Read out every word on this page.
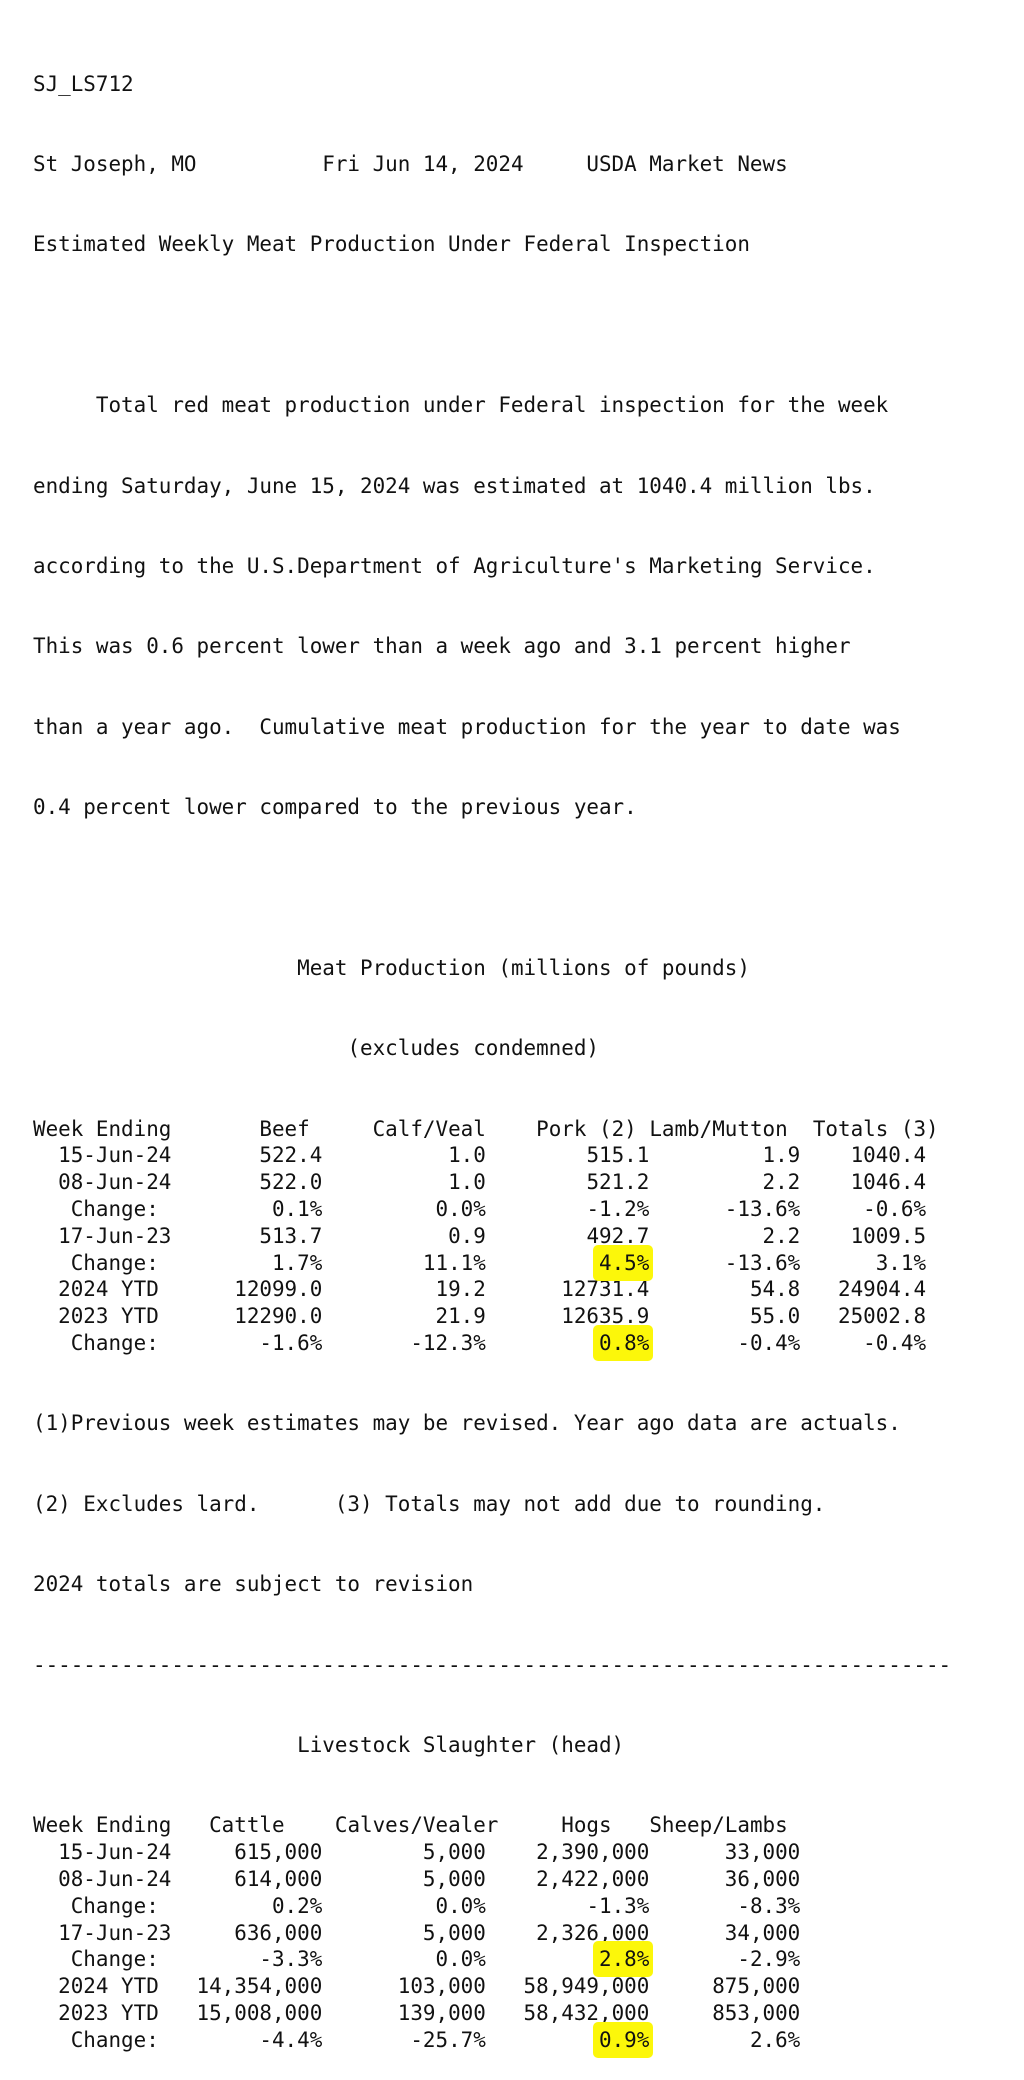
SJ_LS712

St Joseph, MO          Fri Jun 14, 2024     USDA Market News

Estimated Weekly Meat Production Under Federal Inspection

Total red meat production under Federal inspection for the week

ending Saturday, June 15, 2024 was estimated at 1040.4 million lbs.

according to the U.S.Department of Agriculture's Marketing Service.

This was 0.6 percent lower than a week ago and 3.1 percent higher

than a year ago.  Cumulative meat production for the year to date was

0.4 percent lower compared to the previous year.

Meat Production (millions of pounds)

(excludes condemned)

Week Ending	Beef	Calf/Veal Pork (2) Lamb/Mutton Totals (3)
15-Jun-24	522.4	1.0	515.1	1.9 1040.4
08-Jun-24	522.0	1.0	521.2	2.2 1046.4
Change:	0.1%	0.0%	-1.2%	-13.6%	-0.6%
17-Jun-23	513.7	0.9	492.7	2.2 1009.5
Change:	1.7%	11.1%	4.5%	-13.6%	3.1%
2024 YTD	12099.0	19.2	12731.4	54.8 24904.4
2023 YTD	12290.0	21.9	12635.9	55.0 25002.8
Change:	-1.6%	-12.3%	0.8%	-0.4%	-0.4%

(1)Previous week estimates may be revised. Year ago data are actuals.

(2) Excludes lard.      (3) Totals may not add due to rounding.

2024 totals are subject to revision

-------------------------------------------------------------------------

Livestock Slaughter (head)

Week Ending Cattle Calves/Vealer	Hogs Sheep/Lambs
15-Jun-24	615,000	5,000 2,390,000	33,000
08-Jun-24	614,000	5,000 2,422,000	36,000
Change:	0.2%	0.0%	-1.3%	-8.3%
17-Jun-23	636,000	5,000 2,326,000	34,000
Change:	-3.3%	0.0%	2.8%	-2.9%
2024 YTD 14,354,000	103,000 58,949,000	875,000
2023 YTD 15,008,000	139,000 58,432,000	853,000
Change:	-4.4%	-25.7%	0.9%	2.6%
